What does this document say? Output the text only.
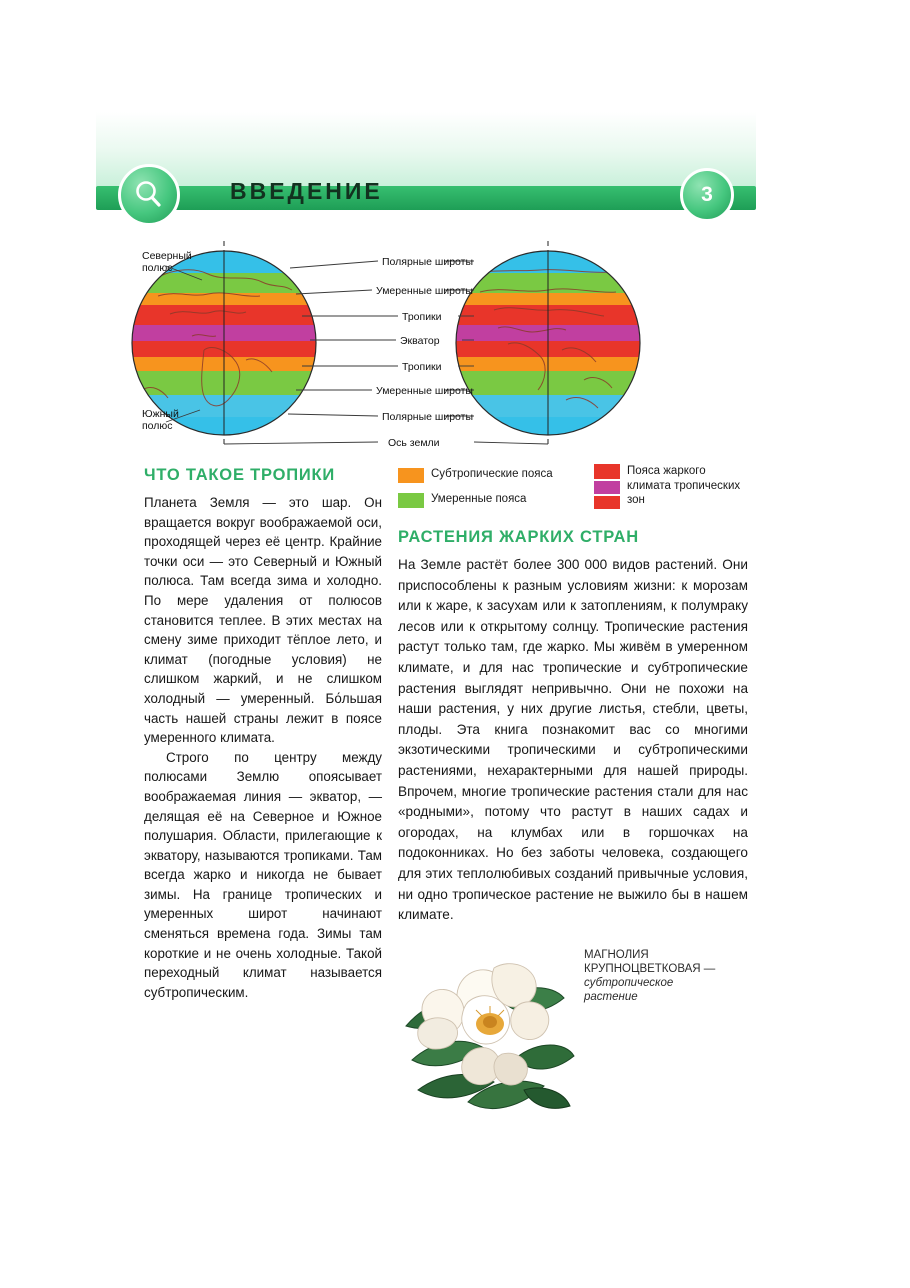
ВВЕДЕНИЕ	3
Северный
полюс
Южный
полюс
Полярные широты
Умеренные широты
Тропики
Экватор
Тропики
Умеренные широты
Полярные широты
Ось земли
Субтропические пояса
Умеренные пояса
Пояса жаркого климата тропических зон
ЧТО ТАКОЕ ТРОПИКИ

Планета Земля — это шар. Он вращается вокруг воображаемой оси, проходящей через её центр. Крайние точки оси — это Северный и Южный полюса. Там всегда зима и холодно. По мере удаления от полюсов становится теплее. В этих местах на смену зиме приходит тёплое лето, и климат (погодные условия) не слишком жаркий, и не слишком холодный — умеренный. Бо́льшая часть нашей страны лежит в поясе умеренного климата.

Строго по центру между полюсами Землю опоясывает воображаемая линия — экватор, — делящая её на Северное и Южное полушария. Области, прилегающие к экватору, называются тропиками. Там всегда жарко и никогда не бывает зимы. На границе тропических и умеренных широт начинают сменяться времена года. Зимы там короткие и не очень холодные. Такой переходный климат называется субтропическим.

РАСТЕНИЯ ЖАРКИХ СТРАН

На Земле растёт более 300 000 видов растений. Они приспособлены к разным условиям жизни: к морозам или к жаре, к засухам или к затоплениям, к полумраку лесов или к открытому солнцу. Тропические растения растут только там, где жарко. Мы живём в умеренном климате, и для нас тропические и субтропические растения выглядят непривычно. Они не похожи на наши растения, у них другие листья, стебли, цветы, плоды. Эта книга познакомит вас со многими экзотическими тропическими и субтропическими растениями, нехарактерными для нашей природы. Впрочем, многие тропические растения стали для нас «родными», потому что растут в наших садах и огородах, на клумбах или в горшочках на подоконниках. Но без заботы человека, создающего для этих теплолюбивых созданий привычные условия, ни одно тропическое растение не выжило бы в нашем климате.

МАГНОЛИЯ
КРУПНОЦВЕТКОВАЯ —
субтропическое
растение
